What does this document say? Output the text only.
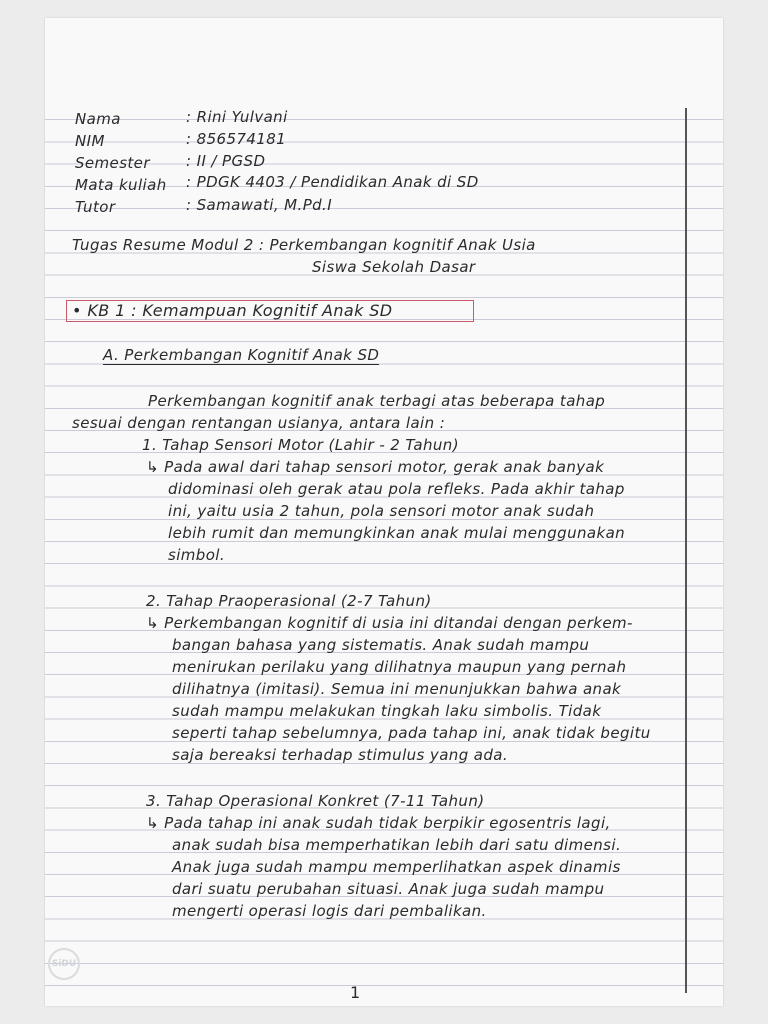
Nama	: Rini Yulvani
NIM	: 856574181
Semester : II / PGSD
Mata kuliah : PDGK 4403 / Pendidikan Anak di SD
Tutor	: Samawati, M.Pd.I
Tugas Resume Modul 2 : Perkembangan kognitif Anak Usia
Siswa Sekolah Dasar
• KB 1 : Kemampuan Kognitif Anak SD
A. Perkembangan Kognitif Anak SD
Perkembangan kognitif anak terbagi atas beberapa tahap
sesuai dengan rentangan usianya, antara lain :
1. Tahap Sensori Motor (Lahir - 2 Tahun)
↳ Pada awal dari tahap sensori motor, gerak anak banyak
didominasi oleh gerak atau pola refleks. Pada akhir tahap
ini, yaitu usia 2 tahun, pola sensori motor anak sudah
lebih rumit dan memungkinkan anak mulai menggunakan
simbol.
2. Tahap Praoperasional (2-7 Tahun)
↳ Perkembangan kognitif di usia ini ditandai dengan perkem-
bangan bahasa yang sistematis. Anak sudah mampu
menirukan perilaku yang dilihatnya maupun yang pernah
dilihatnya (imitasi). Semua ini menunjukkan bahwa anak
sudah mampu melakukan tingkah laku simbolis. Tidak
seperti tahap sebelumnya, pada tahap ini, anak tidak begitu
saja bereaksi terhadap stimulus yang ada.
3. Tahap Operasional Konkret (7-11 Tahun)
↳ Pada tahap ini anak sudah tidak berpikir egosentris lagi,
anak sudah bisa memperhatikan lebih dari satu dimensi.
Anak juga sudah mampu memperlihatkan aspek dinamis
dari suatu perubahan situasi. Anak juga sudah mampu
mengerti operasi logis dari pembalikan.
SiDU
1
